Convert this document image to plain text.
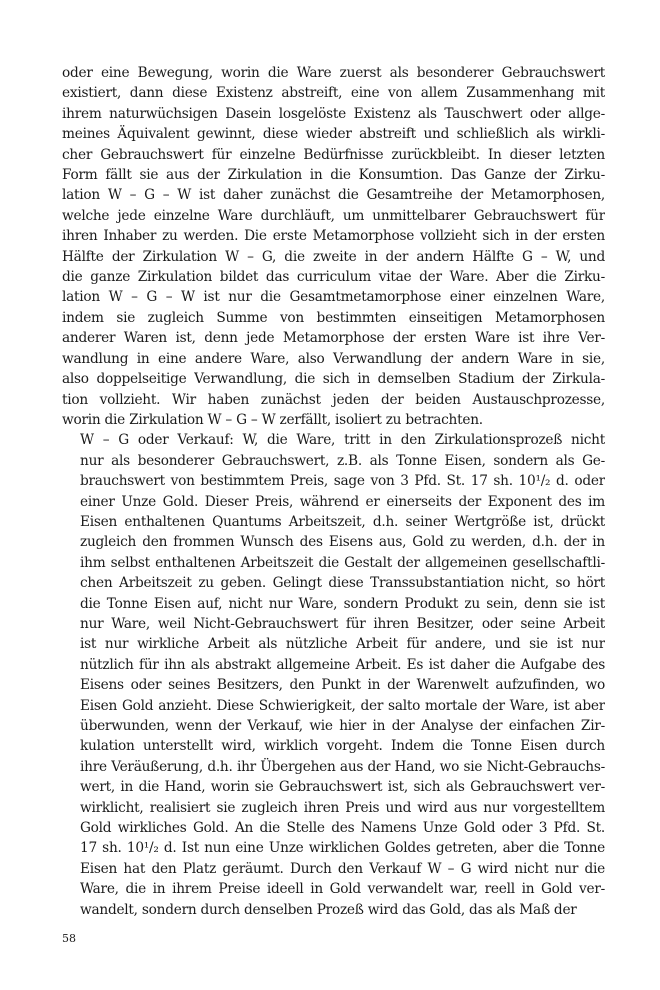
oder eine Bewegung, worin die Ware zuerst als besonderer Gebrauchswert
existiert, dann diese Existenz abstreift, eine von allem Zusammenhang mit
ihrem naturwüchsigen Dasein losgelöste Existenz als Tauschwert oder allge-
meines Äquivalent gewinnt, diese wieder abstreift und schließlich als wirkli-
cher Gebrauchswert für einzelne Bedürfnisse zurückbleibt. In dieser letzten
Form fällt sie aus der Zirkulation in die Konsumtion. Das Ganze der Zirku-
lation W – G – W ist daher zunächst die Gesamtreihe der Metamorphosen,
welche jede einzelne Ware durchläuft, um unmittelbarer Gebrauchswert für
ihren Inhaber zu werden. Die erste Metamorphose vollzieht sich in der ersten
Hälfte der Zirkulation W – G, die zweite in der andern Hälfte G – W, und
die ganze Zirkulation bildet das curriculum vitae der Ware. Aber die Zirku-
lation W – G – W ist nur die Gesamtmetamorphose einer einzelnen Ware,
indem sie zugleich Summe von bestimmten einseitigen Metamorphosen
anderer Waren ist, denn jede Metamorphose der ersten Ware ist ihre Ver-
wandlung in eine andere Ware, also Verwandlung der andern Ware in sie,
also doppelseitige Verwandlung, die sich in demselben Stadium der Zirkula-
tion vollzieht. Wir haben zunächst jeden der beiden Austauschprozesse,
worin die Zirkulation W – G – W zerfällt, isoliert zu betrachten.
W – G oder Verkauf: W, die Ware, tritt in den Zirkulationsprozeß nicht
nur als besonderer Gebrauchswert, z.B. als Tonne Eisen, sondern als Ge-
brauchswert von bestimmtem Preis, sage von 3 Pfd. St. 17 sh. 10¹/₂ d. oder
einer Unze Gold. Dieser Preis, während er einerseits der Exponent des im
Eisen enthaltenen Quantums Arbeitszeit, d.h. seiner Wertgröße ist, drückt
zugleich den frommen Wunsch des Eisens aus, Gold zu werden, d.h. der in
ihm selbst enthaltenen Arbeitszeit die Gestalt der allgemeinen gesellschaftli-
chen Arbeitszeit zu geben. Gelingt diese Transsubstantiation nicht, so hört
die Tonne Eisen auf, nicht nur Ware, sondern Produkt zu sein, denn sie ist
nur Ware, weil Nicht-Gebrauchswert für ihren Besitzer, oder seine Arbeit
ist nur wirkliche Arbeit als nützliche Arbeit für andere, und sie ist nur
nützlich für ihn als abstrakt allgemeine Arbeit. Es ist daher die Aufgabe des
Eisens oder seines Besitzers, den Punkt in der Warenwelt aufzufinden, wo
Eisen Gold anzieht. Diese Schwierigkeit, der salto mortale der Ware, ist aber
überwunden, wenn der Verkauf, wie hier in der Analyse der einfachen Zir-
kulation unterstellt wird, wirklich vorgeht. Indem die Tonne Eisen durch
ihre Veräußerung, d.h. ihr Übergehen aus der Hand, wo sie Nicht-Gebrauchs-
wert, in die Hand, worin sie Gebrauchswert ist, sich als Gebrauchswert ver-
wirklicht, realisiert sie zugleich ihren Preis und wird aus nur vorgestelltem
Gold wirkliches Gold. An die Stelle des Namens Unze Gold oder 3 Pfd. St.
17 sh. 10¹/₂ d. Ist nun eine Unze wirklichen Goldes getreten, aber die Tonne
Eisen hat den Platz geräumt. Durch den Verkauf W – G wird nicht nur die
Ware, die in ihrem Preise ideell in Gold verwandelt war, reell in Gold ver-
wandelt, sondern durch denselben Prozeß wird das Gold, das als Maß der
58
